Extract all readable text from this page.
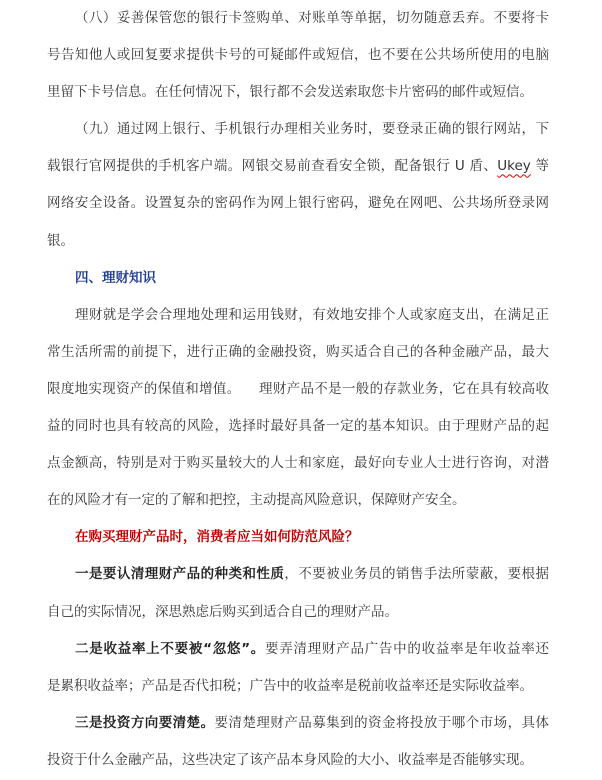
（八）妥善保管您的银行卡签购单、对账单等单据，切勿随意丢弃。不要将卡
号告知他人或回复要求提供卡号的可疑邮件或短信，也不要在公共场所使用的电脑
里留下卡号信息。在任何情况下，银行都不会发送索取您卡片密码的邮件或短信。
（九）通过网上银行、手机银行办理相关业务时，要登录正确的银行网站，下
载银行官网提供的手机客户端。网银交易前查看安全锁，配备银行 U 盾、Ukey 等
网络安全设备。设置复杂的密码作为网上银行密码，避免在网吧、公共场所登录网
银。
四、理财知识
理财就是学会合理地处理和运用钱财，有效地安排个人或家庭支出，在满足正
常生活所需的前提下，进行正确的金融投资，购买适合自己的各种金融产品，最大
限度地实现资产的保值和增值。    理财产品不是一般的存款业务，它在具有较高收
益的同时也具有较高的风险，选择时最好具备一定的基本知识。由于理财产品的起
点金额高，特别是对于购买量较大的人士和家庭，最好向专业人士进行咨询，对潜
在的风险才有一定的了解和把控，主动提高风险意识，保障财产安全。
在购买理财产品时，消费者应当如何防范风险？
一是要认清理财产品的种类和性质，不要被业务员的销售手法所蒙蔽，要根据
自己的实际情况，深思熟虑后购买到适合自己的理财产品。
二是收益率上不要被“忽悠”。要弄清理财产品广告中的收益率是年收益率还
是累积收益率；产品是否代扣税；广告中的收益率是税前收益率还是实际收益率。
三是投资方向要清楚。要清楚理财产品募集到的资金将投放于哪个市场，具体
投资于什么金融产品，这些决定了该产品本身风险的大小、收益率是否能够实现。
